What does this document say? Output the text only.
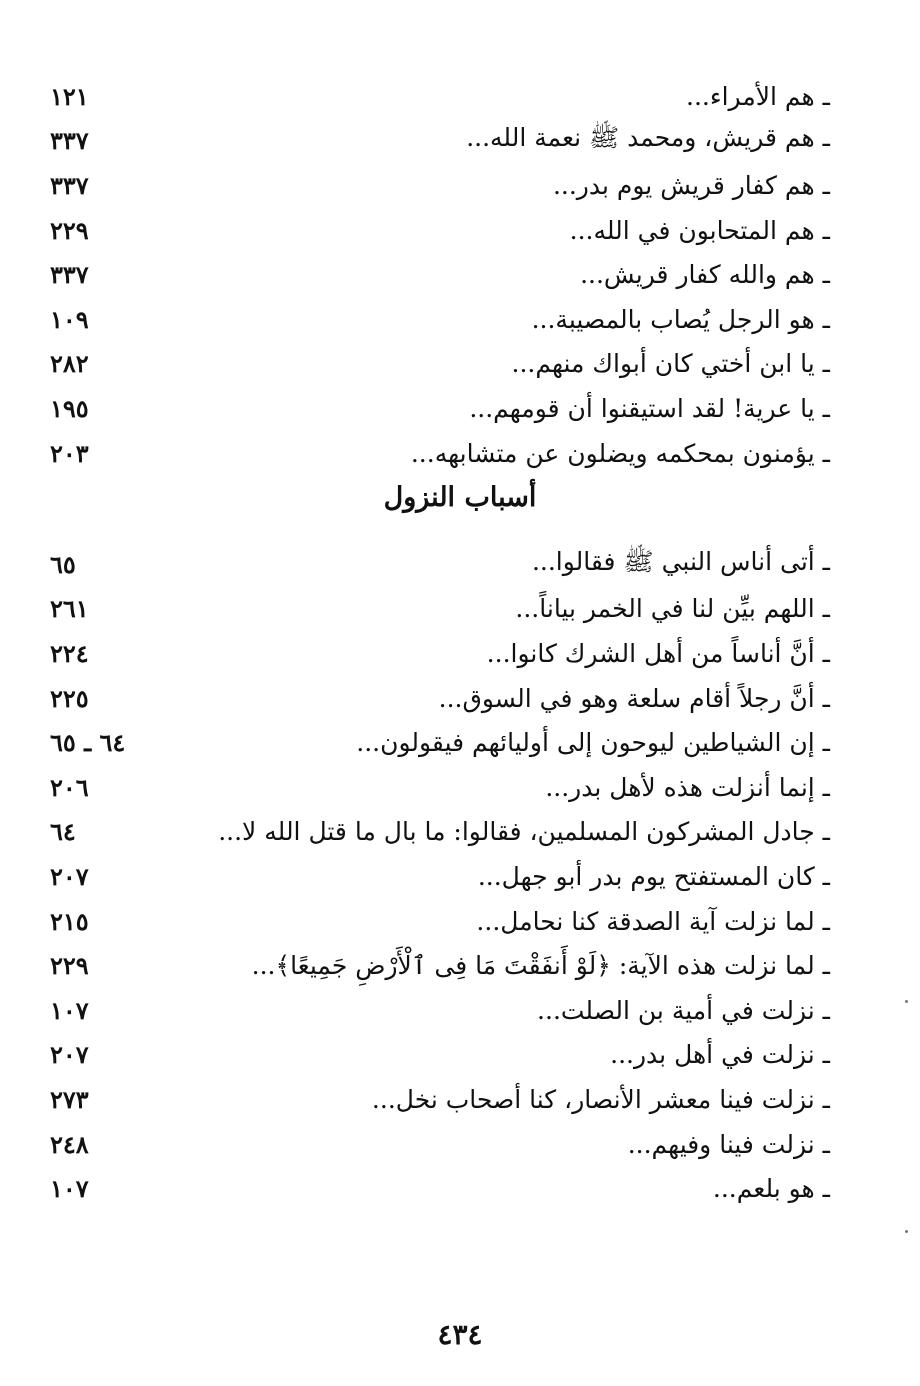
ـ هم الأمراء...
١٢١
ـ هم قريش، ومحمد ﷺ نعمة الله...
٣٣٧
ـ هم كفار قريش يوم بدر...
٣٣٧
ـ هم المتحابون في الله...
٢٢٩
ـ هم والله كفار قريش...
٣٣٧
ـ هو الرجل يُصاب بالمصيبة...
١٠٩
ـ يا ابن أختي كان أبواك منهم...
٢٨٢
ـ يا عرية! لقد استيقنوا أن قومهم...
١٩٥
ـ يؤمنون بمحكمه ويضلون عن متشابهه...
٢٠٣
أسباب النزول
ـ أتى أناس النبي ﷺ فقالوا...
٦٥
ـ اللهم بيِّن لنا في الخمر بياناً...
٢٦١
ـ أنَّ أناساً من أهل الشرك كانوا...
٢٢٤
ـ أنَّ رجلاً أقام سلعة وهو في السوق...
٢٢٥
ـ إن الشياطين ليوحون إلى أوليائهم فيقولون...
٦٤ ـ ٦٥
ـ إنما أنزلت هذه لأهل بدر...
٢٠٦
ـ جادل المشركون المسلمين، فقالوا: ما بال ما قتل الله لا...
٦٤
ـ كان المستفتح يوم بدر أبو جهل...
٢٠٧
ـ لما نزلت آية الصدقة كنا نحامل...
٢١٥
ـ لما نزلت هذه الآية: ﴿لَوْ أَنفَقْتَ مَا فِى ٱلْأَرْضِ جَمِيعًا﴾...
٢٢٩
ـ نزلت في أمية بن الصلت...
١٠٧
ـ نزلت في أهل بدر...
٢٠٧
ـ نزلت فينا معشر الأنصار، كنا أصحاب نخل...
٢٧٣
ـ نزلت فينا وفيهم...
٢٤٨
ـ هو بلعم...
١٠٧
٤٣٤
